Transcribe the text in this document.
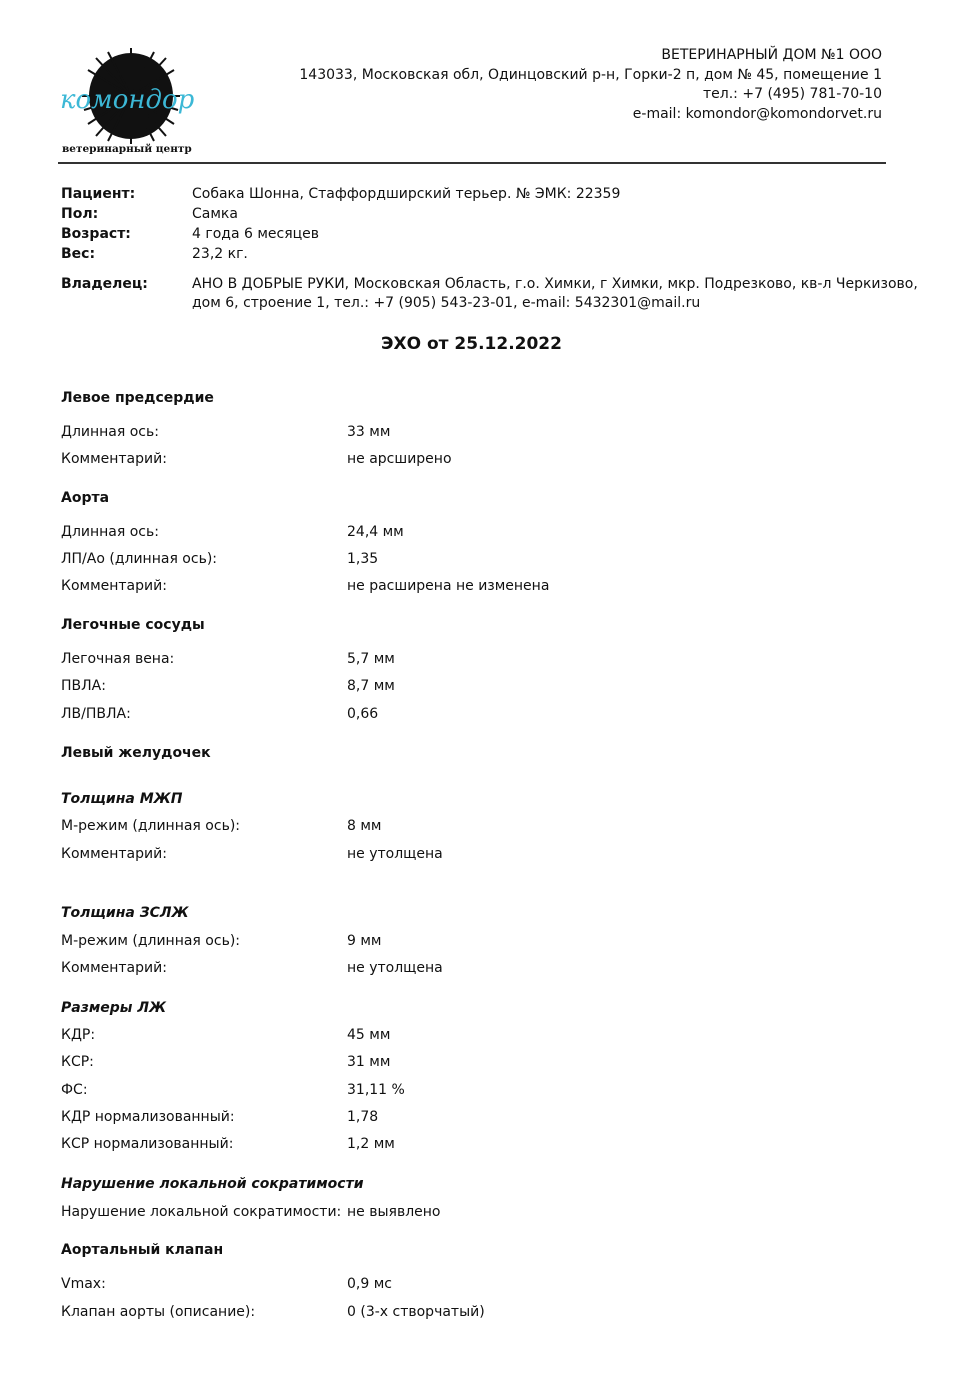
комондор
ветеринарный центр
ВЕТЕРИНАРНЫЙ ДОМ №1 ООО
143033, Московская обл, Одинцовский р-н, Горки-2 п, дом № 45, помещение 1
тел.: +7 (495) 781-70-10
e-mail: komondor@komondorvet.ru
Пациент:	Собака Шонна, Стаффордширский терьер. № ЭМК: 22359
Пол:	Самка
Возраст:	4 года 6 месяцев
Вес:	23,2 кг.
Владелец:	АНО В ДОБРЫЕ РУКИ, Московская Область, г.о. Химки, г Химки, мкр. Подрезково, кв-л Черкизово,
дом 6, строение 1, тел.: +7 (905) 543-23-01, e-mail: 5432301@mail.ru
ЭХО от 25.12.2022
Левое предсердие
Длинная ось:	33 мм
Комментарий:	не арсширено
Аорта
Длинная ось:	24,4 мм
ЛП/Ао (длинная ось):	1,35
Комментарий:	не расширена не изменена
Легочные сосуды
Легочная вена:	5,7 мм
ПВЛА:	8,7 мм
ЛВ/ПВЛА:	0,66
Левый желудочек
Толщина МЖП
М-режим (длинная ось):	8 мм
Комментарий:	не утолщена
Толщина ЗСЛЖ
М-режим (длинная ось):	9 мм
Комментарий:	не утолщена
Размеры ЛЖ
КДР:	45 мм
КСР:	31 мм
ФС:	31,11 %
КДР нормализованный:	1,78
КСР нормализованный:	1,2 мм
Нарушение локальной сократимости
Нарушение локальной сократимости: не выявлено
Аортальный клапан
Vmax:	0,9 мс
Клапан аорты (описание):	0 (3-х створчатый)
